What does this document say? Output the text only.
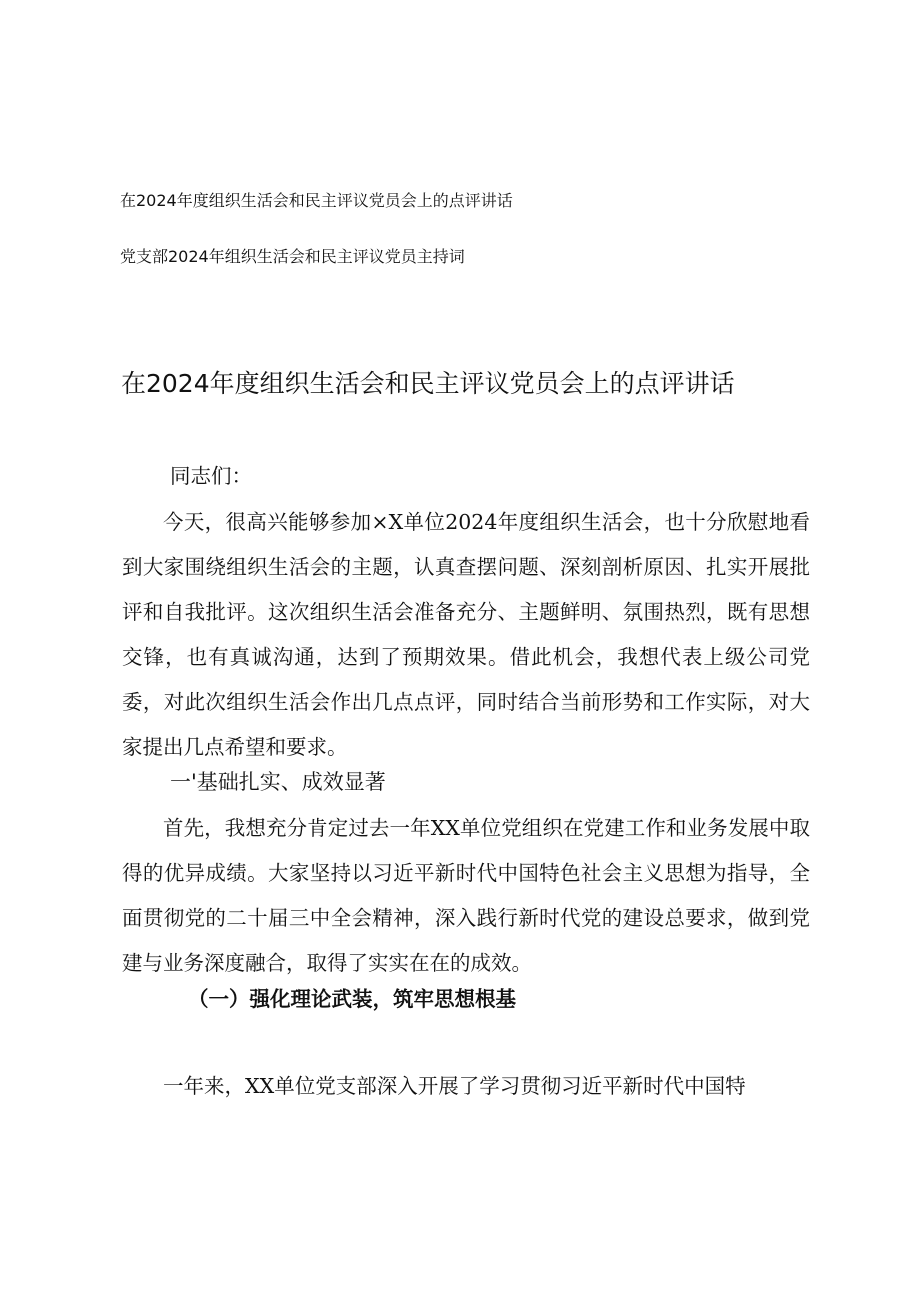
在2024年度组织生活会和民主评议党员会上的点评讲话
党支部2024年组织生活会和民主评议党员主持词
在2024年度组织生活会和民主评议党员会上的点评讲话
同志们：
今天，很高兴能够参加×X单位2024年度组织生活会，也十分欣慰地看到大家围绕组织生活会的主题，认真查摆问题、深刻剖析原因、扎实开展批评和自我批评。这次组织生活会准备充分、主题鲜明、氛围热烈，既有思想交锋，也有真诚沟通，达到了预期效果。借此机会，我想代表上级公司党委，对此次组织生活会作出几点点评，同时结合当前形势和工作实际，对大家提出几点希望和要求。
一'基础扎实、成效显著
首先，我想充分肯定过去一年XX单位党组织在党建工作和业务发展中取得的优异成绩。大家坚持以习近平新时代中国特色社会主义思想为指导，全面贯彻党的二十届三中全会精神，深入践行新时代党的建设总要求，做到党建与业务深度融合，取得了实实在在的成效。
（一）强化理论武装，筑牢思想根基
一年来，XX单位党支部深入开展了学习贯彻习近平新时代中国特
